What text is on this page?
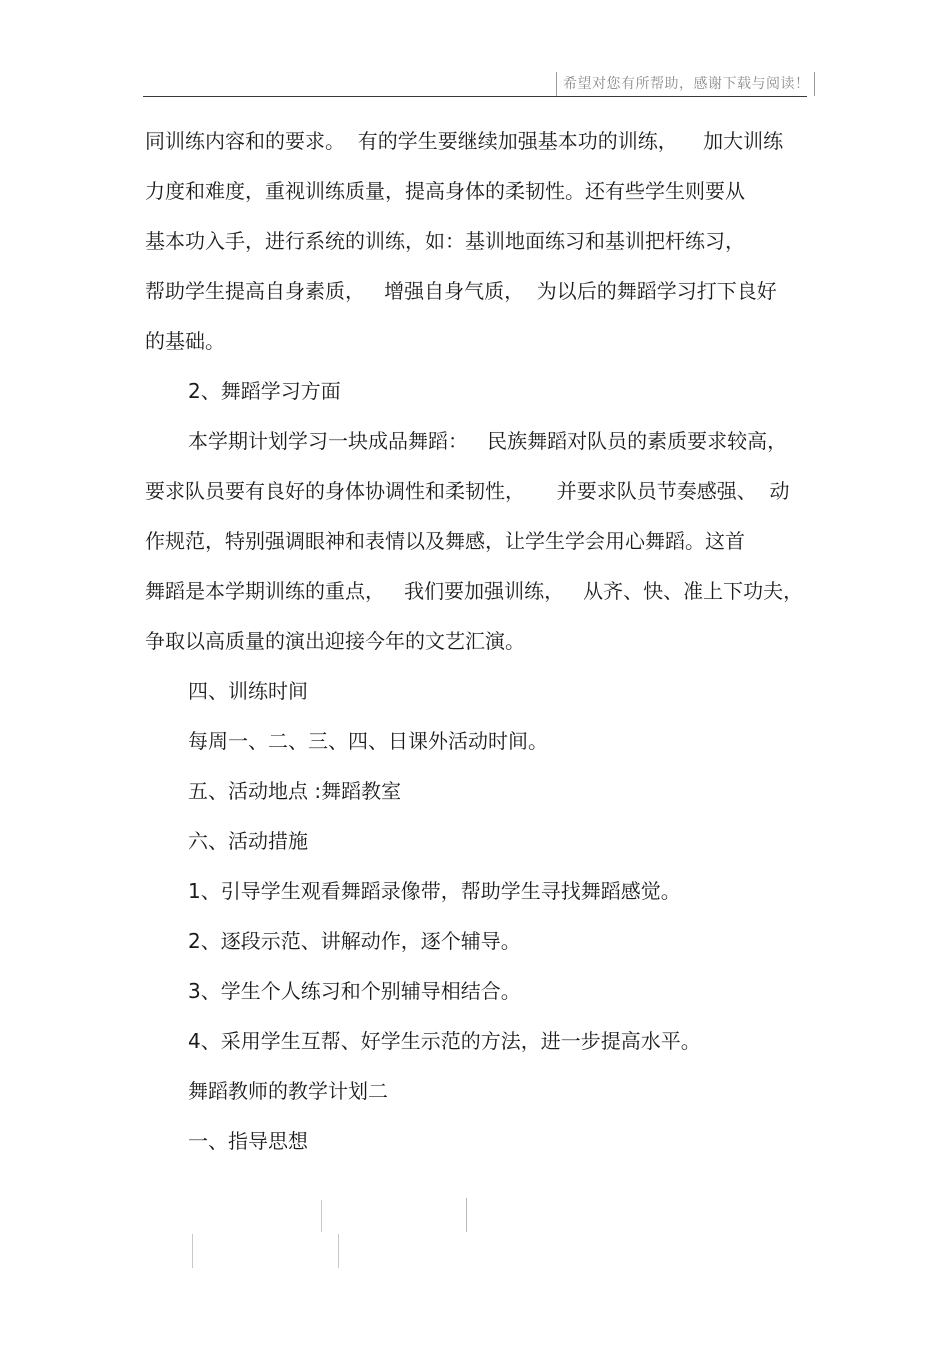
希望对您有所帮助，感谢下载与阅读！
同训练内容和的要求。  有的学生要继续加强基本功的训练，    加大训练
力度和难度，重视训练质量，提高身体的柔韧性。还有些学生则要从
基本功入手，进行系统的训练，如：基训地面练习和基训把杆练习，
帮助学生提高自身素质，   增强自身气质，  为以后的舞蹈学习打下良好
的基础。
2、舞蹈学习方面
本学期计划学习一块成品舞蹈：   民族舞蹈对队员的素质要求较高，
要求队员要有良好的身体协调性和柔韧性，     并要求队员节奏感强、  动
作规范，特别强调眼神和表情以及舞感，让学生学会用心舞蹈。这首
舞蹈是本学期训练的重点，   我们要加强训练，   从齐、快、准上下功夫，
争取以高质量的演出迎接今年的文艺汇演。
四、训练时间
每周一、二、三、四、日课外活动时间。
五、活动地点 :舞蹈教室
六、活动措施
1、引导学生观看舞蹈录像带，帮助学生寻找舞蹈感觉。
2、逐段示范、讲解动作，逐个辅导。
3、学生个人练习和个别辅导相结合。
4、采用学生互帮、好学生示范的方法，进一步提高水平。
舞蹈教师的教学计划二
一、指导思想
